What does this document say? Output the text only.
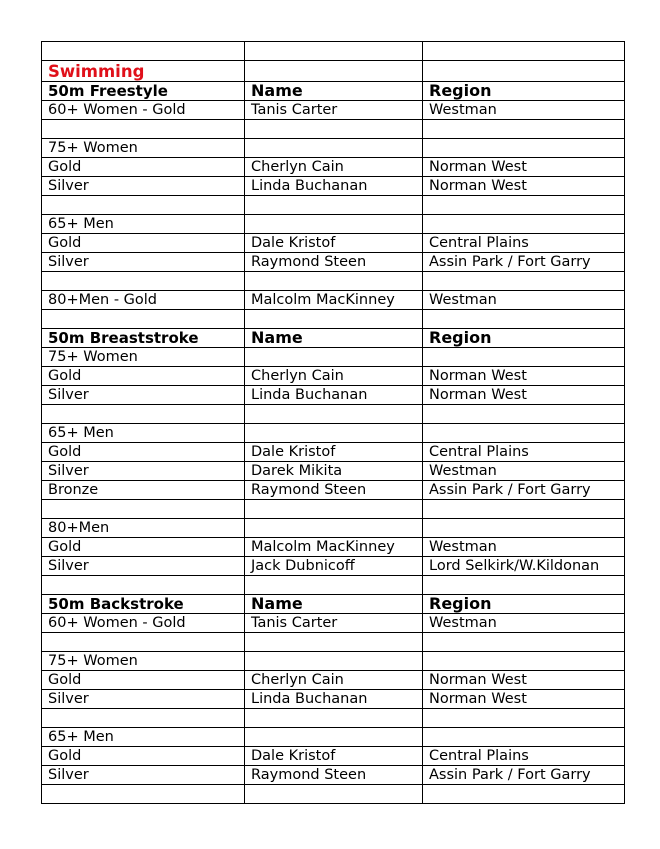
Swimming		
50m Freestyle	Name	Region
60+ Women - Gold	Tanis Carter	Westman

75+ Women		
Gold	Cherlyn Cain	Norman West
Silver	Linda Buchanan	Norman West

65+ Men		
Gold	Dale Kristof	Central Plains
Silver	Raymond Steen	Assin Park / Fort Garry

80+Men - Gold	Malcolm MacKinney	Westman

50m Breaststroke	Name	Region
75+ Women		
Gold	Cherlyn Cain	Norman West
Silver	Linda Buchanan	Norman West

65+ Men		
Gold	Dale Kristof	Central Plains
Silver	Darek Mikita	Westman
Bronze	Raymond Steen	Assin Park / Fort Garry

80+Men		
Gold	Malcolm MacKinney	Westman
Silver	Jack Dubnicoff	Lord Selkirk/W.Kildonan

50m Backstroke	Name	Region
60+ Women - Gold	Tanis Carter	Westman

75+ Women		
Gold	Cherlyn Cain	Norman West
Silver	Linda Buchanan	Norman West

65+ Men		
Gold	Dale Kristof	Central Plains
Silver	Raymond Steen	Assin Park / Fort Garry
